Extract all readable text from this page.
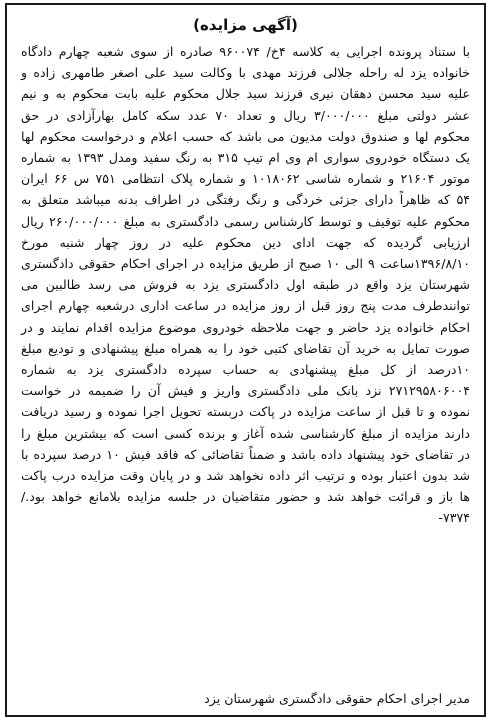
(آگهی مزایده)

با ستناد پرونده اجرایی به کلاسه ۴خ/ ۹۶۰۰۷۴ صادره از سوی شعبه چهارم دادگاه خانواده یزد له راحله جلالی فرزند مهدی با وکالت سید علی اصغر طامهری زاده و علیه سید محسن دهقان نیری فرزند سید جلال محکوم علیه بابت محکوم به و نیم عشر دولتی مبلغ ۳/۰۰۰/۰۰۰ ریال و تعداد ۷۰ عدد سکه کامل بهارآزادی در حق محکوم لها و صندوق دولت مدیون می باشد که حسب اعلام و درخواست محکوم لها یک دستگاه خودروی سواری ام وی ام تیپ ۳۱۵ به رنگ سفید ومدل ۱۳۹۳ به شماره موتور ۲۱۶۰۴ و شماره شاسی ۱۰۱۸۰۶۲ و شماره پلاک انتظامی ۷۵۱ س ۶۶ ایران ۵۴ که ظاهراً دارای جزئی خردگی و رنگ رفتگی در اطراف بدنه میباشد متعلق به محکوم علیه توقیف و توسط کارشناس رسمی دادگستری به مبلغ ۲۶۰/۰۰۰/۰۰۰ ریال ارزیابی گردیده که جهت ادای دین محکوم علیه در روز چهار شنبه مورخ ۱۳۹۶/۸/۱۰ساعت ۹ الی ۱۰ صبح از طریق مزایده در اجرای احکام حقوقی دادگستری شهرستان یزد واقع در طبقه اول دادگستری یزد به فروش می رسد طالبین می توانندطرف مدت پنج روز قبل از روز مزایده در ساعت اداری درشعبه چهارم اجرای احکام خانواده یزد حاضر و جهت ملاحظه خودروی موضوع مزایده اقدام نمایند و در صورت تمایل به خرید آن تقاضای کتبی خود را به همراه مبلغ پیشنهادی و تودیع مبلغ ۱۰درصد از کل مبلغ پیشنهادی به حساب سپرده دادگستری یزد به شماره ۲۷۱۲۹۵۸۰۶۰۰۴ نزد بانک ملی دادگستری واریز و فیش آن را ضمیمه در خواست نموده و تا قبل از ساعت مزایده در پاکت دربسته تحویل اجرا نموده و رسید دریافت دارند مزایده از مبلغ کارشناسی شده آغاز و برنده کسی است که بیشترین مبلغ را در تقاضای خود پیشنهاد داده باشد و ضمناً تقاضائی که فاقد فیش ۱۰ درصد سپرده با شد بدون اعتبار بوده و ترتیب اثر داده نخواهد شد و در پایان وقت مزایده درب پاکت ها باز و قرائت خواهد شد و حضور متقاضیان در جلسه مزایده بلامانع خواهد بود./۷۳۷۴-

مدیر اجرای احکام حقوقی دادگستری شهرستان یزد
